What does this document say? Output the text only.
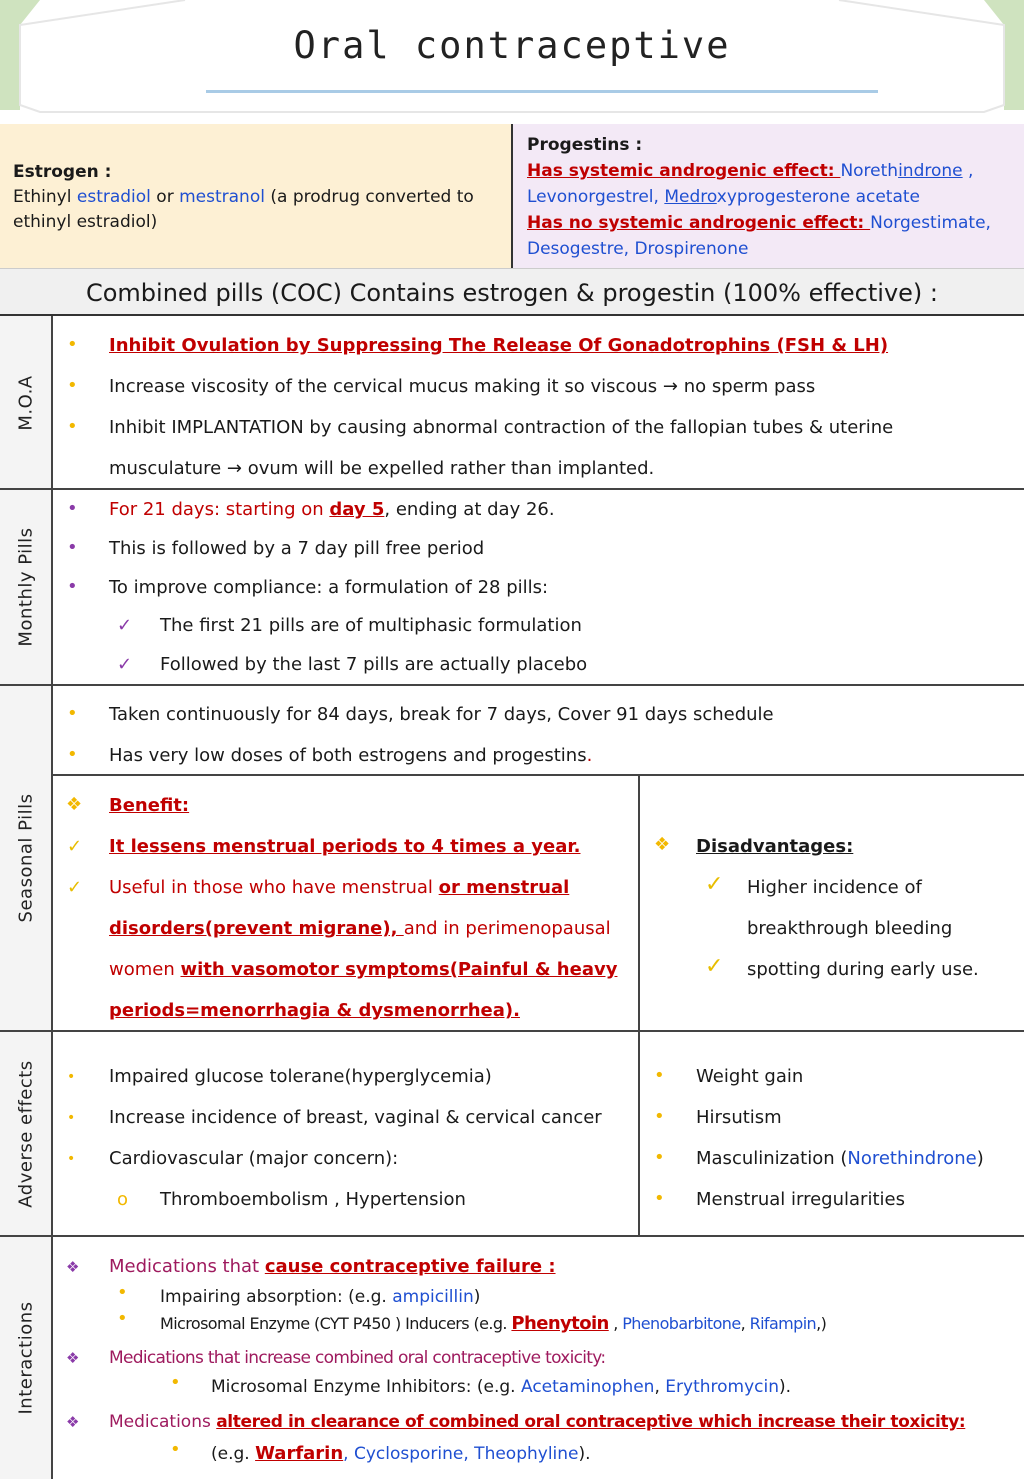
Oral contraceptive
Estrogen :
Ethinyl estradiol or mestranol (a prodrug converted to
ethinyl estradiol)
Progestins :
Has systemic androgenic effect: Norethindrone ,
Levonorgestrel, Medroxyprogesterone acetate
Has no systemic androgenic effect: Norgestimate,
Desogestre, Drospirenone
Combined pills (COC) Contains estrogen & progestin (100% effective) :
M.O.A
Monthly Pills
Seasonal Pills
Adverse effects
Interactions
• Inhibit Ovulation by Suppressing The Release Of Gonadotrophins (FSH & LH)
• Increase viscosity of the cervical mucus making it so viscous → no sperm pass
• Inhibit IMPLANTATION by causing abnormal contraction of the fallopian tubes & uterine
musculature → ovum will be expelled rather than implanted.
• For 21 days: starting on day 5, ending at day 26.
• This is followed by a 7 day pill free period
• To improve compliance: a formulation of 28 pills:
✓ The first 21 pills are of multiphasic formulation
✓ Followed by the last 7 pills are actually placebo
• Taken continuously for 84 days, break for 7 days, Cover 91 days schedule
• Has very low doses of both estrogens and progestins.
❖ Benefit:
✓ It lessens menstrual periods to 4 times a year.
✓ Useful in those who have menstrual or menstrual
disorders(prevent migrane), and in perimenopausal
women with vasomotor symptoms(Painful & heavy
periods=menorrhagia & dysmenorrhea).
❖ Disadvantages:
✓ Higher incidence of
breakthrough bleeding
✓ spotting during early use.
• Impaired glucose tolerane(hyperglycemia)
• Increase incidence of breast, vaginal & cervical cancer
• Cardiovascular (major concern):
o Thromboembolism , Hypertension
• Weight gain
• Hirsutism
• Masculinization (Norethindrone)
• Menstrual irregularities
❖ Medications that cause contraceptive failure :
• Impairing absorption: (e.g. ampicillin)
• Microsomal Enzyme (CYT P450 ) Inducers (e.g. Phenytoin , Phenobarbitone, Rifampin,)
❖ Medications that increase combined oral contraceptive toxicity:
• Microsomal Enzyme Inhibitors: (e.g. Acetaminophen, Erythromycin).
❖ Medications altered in clearance of combined oral contraceptive which increase their toxicity:
• (e.g. Warfarin, Cyclosporine, Theophyline).
